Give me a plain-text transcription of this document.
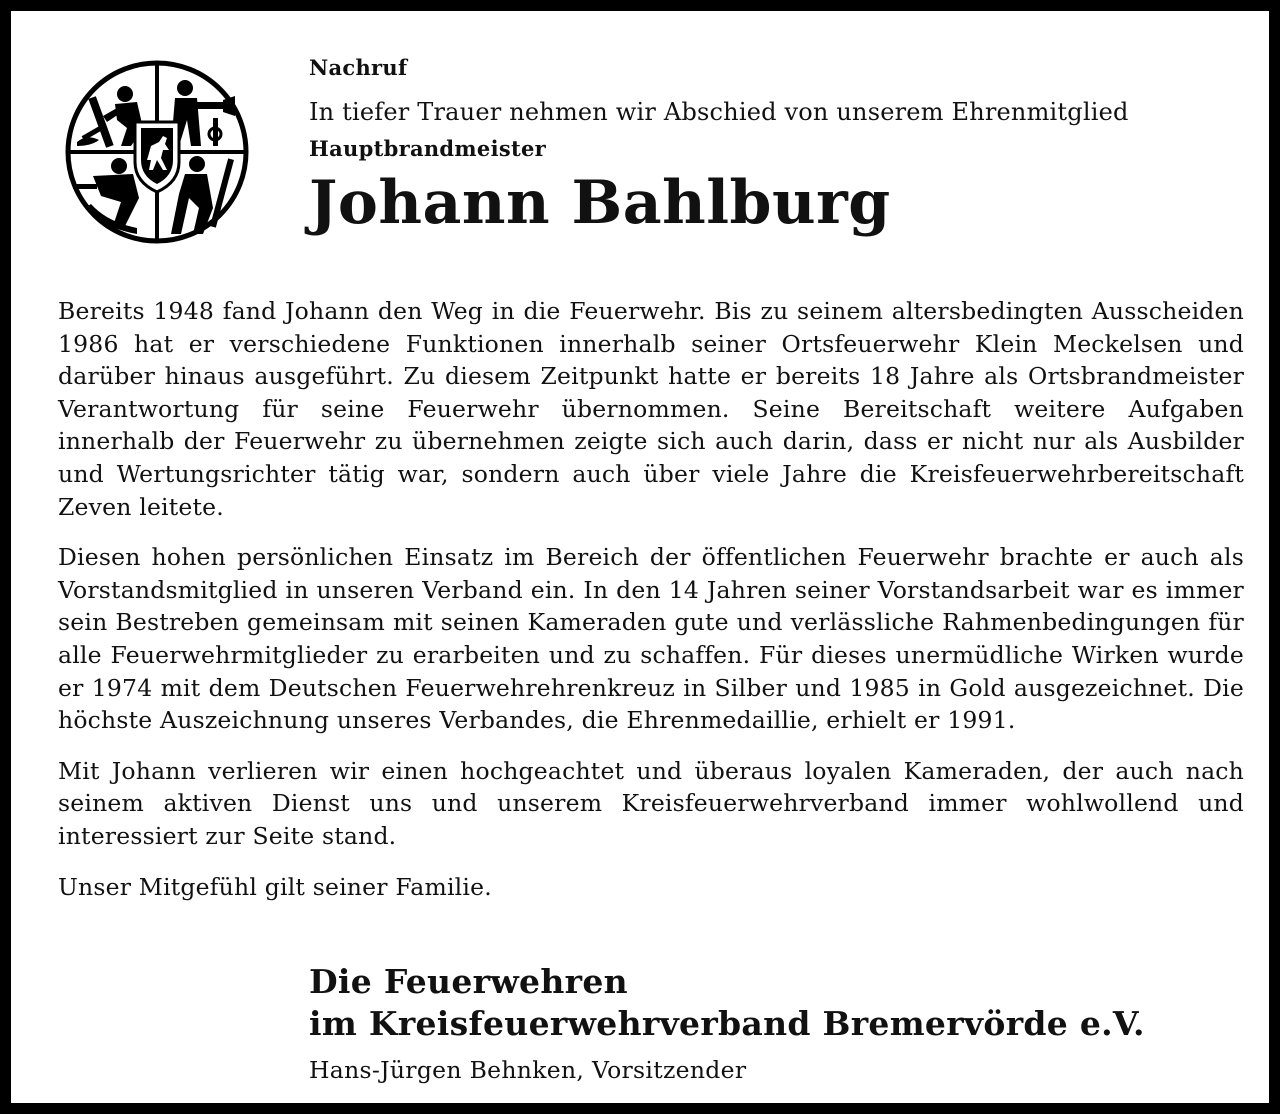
Nachruf
In tiefer Trauer nehmen wir Abschied von unserem Ehrenmitglied
Hauptbrandmeister
Johann Bahlburg

Bereits 1948 fand Johann den Weg in die Feuerwehr. Bis zu seinem altersbedingten Ausscheiden 1986 hat er verschiedene Funktionen innerhalb seiner Ortsfeuerwehr Klein Meckelsen und darüber hinaus ausgeführt. Zu diesem Zeitpunkt hatte er bereits 18 Jahre als Ortsbrandmeister Verantwortung für seine Feuerwehr übernommen. Seine Bereitschaft weitere Aufgaben innerhalb der Feuerwehr zu übernehmen zeigte sich auch darin, dass er nicht nur als Ausbilder und Wertungsrichter tätig war, sondern auch über viele Jahre die Kreisfeuerwehrbereitschaft Zeven leitete.

Diesen hohen persönlichen Einsatz im Bereich der öffentlichen Feuerwehr brachte er auch als Vorstandsmitglied in unseren Verband ein. In den 14 Jahren seiner Vorstandsarbeit war es immer sein Bestreben gemeinsam mit seinen Kameraden gute und verlässliche Rahmenbedingungen für alle Feuerwehrmitglieder zu erarbeiten und zu schaffen. Für dieses unermüdliche Wirken wurde er 1974 mit dem Deutschen Feuerwehrehrenkreuz in Silber und 1985 in Gold ausgezeichnet. Die höchste Auszeichnung unseres Verbandes, die Ehrenmedaillie, erhielt er 1991.

Mit Johann verlieren wir einen hochgeachtet und überaus loyalen Kameraden, der auch nach seinem aktiven Dienst uns und unserem Kreisfeuerwehrverband immer wohlwollend und interessiert zur Seite stand.

Unser Mitgefühl gilt seiner Familie.

Die Feuerwehren
im Kreisfeuerwehrverband Bremervörde e.V.
Hans-Jürgen Behnken, Vorsitzender
